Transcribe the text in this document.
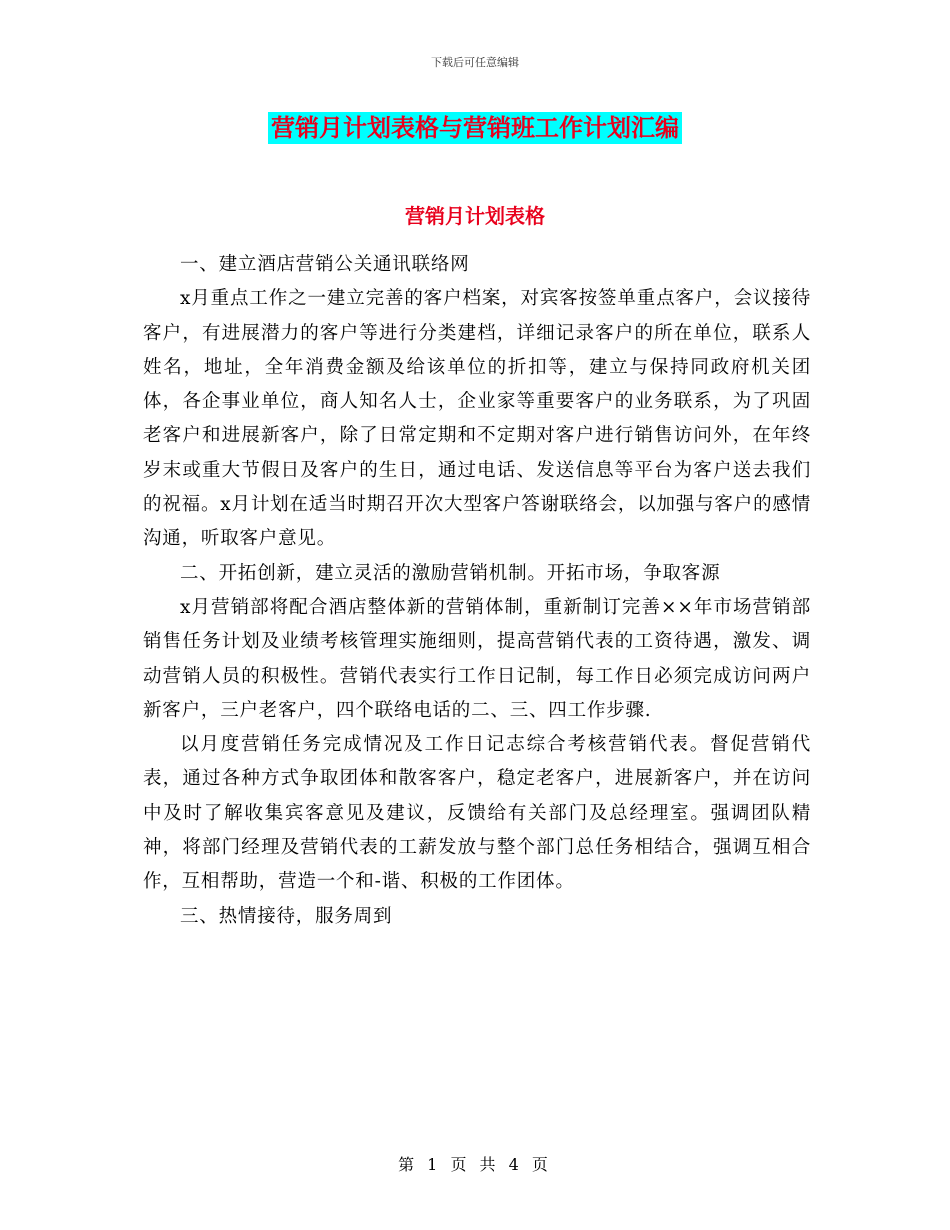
下载后可任意编辑
营销月计划表格与营销班工作计划汇编
营销月计划表格

一、建立酒店营销公关通讯联络网

x月重点工作之一建立完善的客户档案，对宾客按签单重点客户，会议接待客户，有进展潜力的客户等进行分类建档，详细记录客户的所在单位，联系人姓名，地址，全年消费金额及给该单位的折扣等，建立与保持同政府机关团体，各企事业单位，商人知名人士，企业家等重要客户的业务联系，为了巩固老客户和进展新客户，除了日常定期和不定期对客户进行销售访问外，在年终岁末或重大节假日及客户的生日，通过电话、发送信息等平台为客户送去我们的祝福。x月计划在适当时期召开次大型客户答谢联络会，以加强与客户的感情沟通，听取客户意见。

二、开拓创新，建立灵活的激励营销机制。开拓市场，争取客源

x月营销部将配合酒店整体新的营销体制，重新制订完善××年市场营销部销售任务计划及业绩考核管理实施细则，提高营销代表的工资待遇，激发、调动营销人员的积极性。营销代表实行工作日记制，每工作日必须完成访问两户新客户，三户老客户，四个联络电话的二、三、四工作步骤.

以月度营销任务完成情况及工作日记志综合考核营销代表。督促营销代表，通过各种方式争取团体和散客客户，稳定老客户，进展新客户，并在访问中及时了解收集宾客意见及建议，反馈给有关部门及总经理室。强调团队精神，将部门经理及营销代表的工薪发放与整个部门总任务相结合，强调互相合作，互相帮助，营造一个和-谐、积极的工作团体。

三、热情接待，服务周到

第 1 页 共 4 页
